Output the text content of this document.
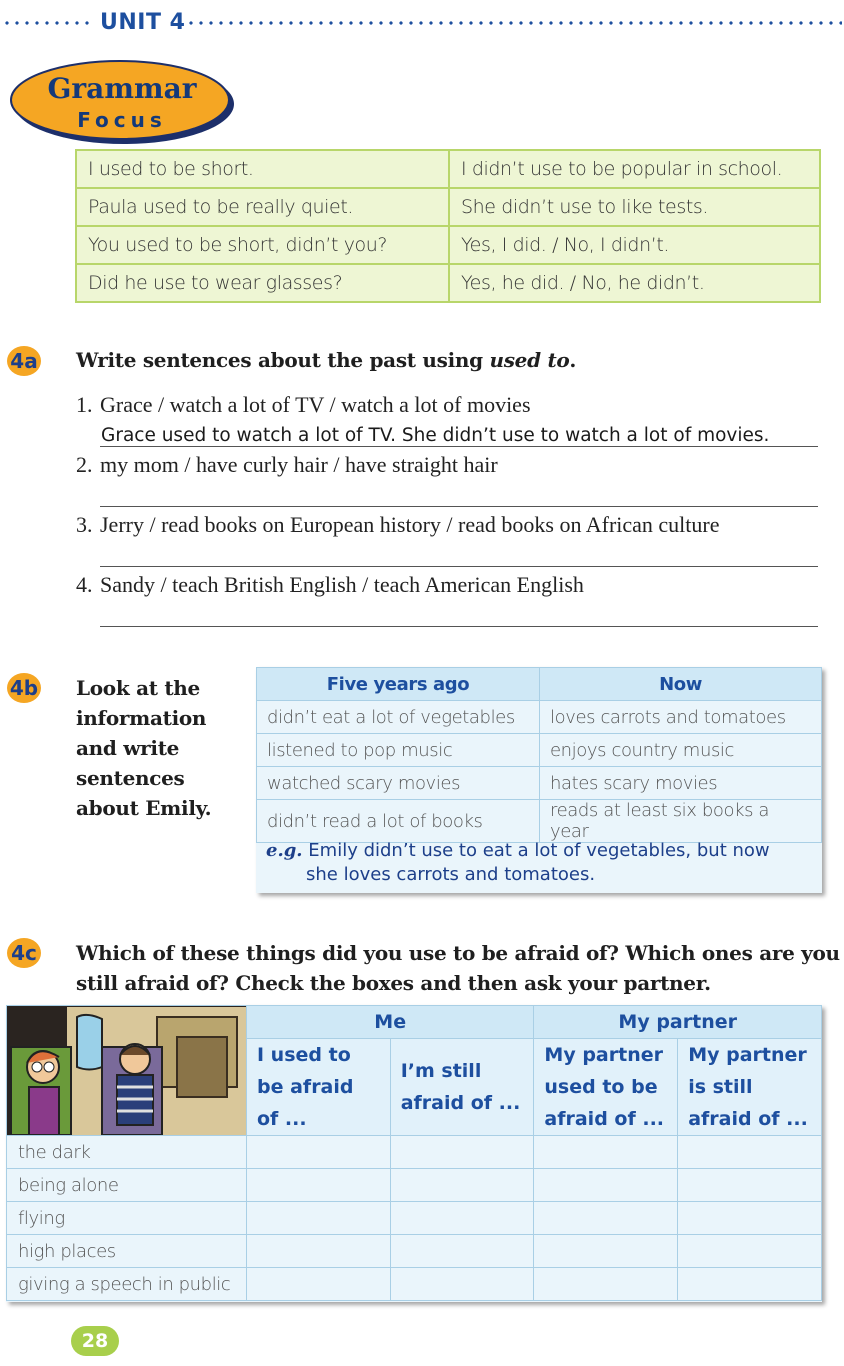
UNIT 4
Grammar
Focus
I used to be short.	I didn’t use to be popular in school.
Paula used to be really quiet.	She didn’t use to like tests.
You used to be short, didn’t you?	Yes, I did. / No, I didn’t.
Did he use to wear glasses?	Yes, he did. / No, he didn’t.
4a Write sentences about the past using used to.
1. Grace / watch a lot of TV / watch a lot of movies
Grace used to watch a lot of TV. She didn’t use to watch a lot of movies.
2. my mom / have curly hair / have straight hair
3. Jerry / read books on European history / read books on African culture
4. Sandy / teach British English / teach American English
4b Look at the
information
and write
sentences
about Emily.
Five years ago	Now
didn’t eat a lot of vegetables	loves carrots and tomatoes
listened to pop music	enjoys country music
watched scary movies	hates scary movies
didn’t read a lot of books	reads at least six books a year
e.g. Emily didn’t use to eat a lot of vegetables, but now
she loves carrots and tomatoes.
4c Which of these things did you use to be afraid of? Which ones are you
still afraid of? Check the boxes and then ask your partner.
	Me		My partner	
	I used to be afraid of ...	I’m still afraid of ...	My partner used to be afraid of ...	My partner is still afraid of ...
the dark				
being alone				
flying				
high places				
giving a speech in public				
28
